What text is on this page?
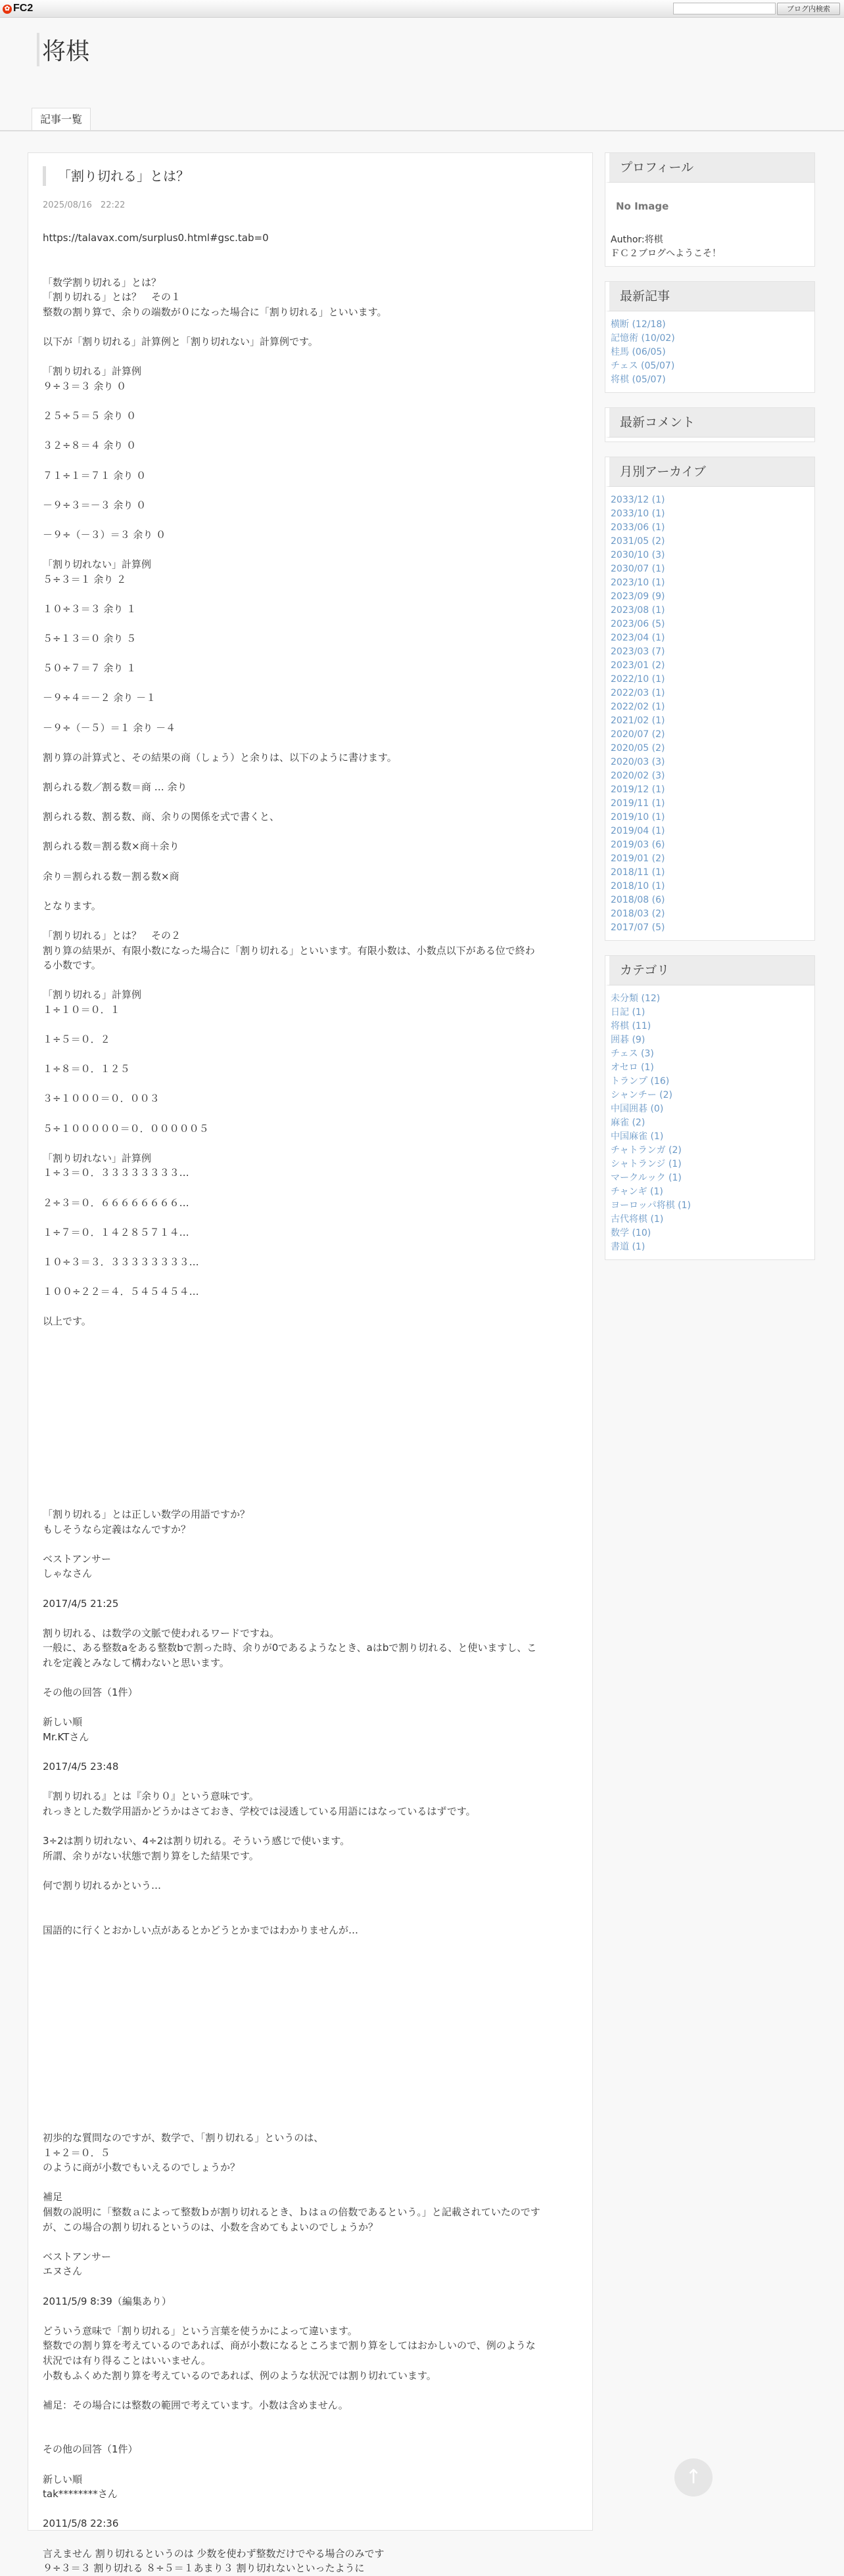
✿ FC2	ブログ内検索
将棋
記事一覧
「割り切れる」とは？
2025/08/16　22:22
https://talavax.com/surplus0.html#gsc.tab=0
「数学割り切れる」とは？
「割り切れる」とは？　その１
整数の割り算で、余りの端数が０になった場合に「割り切れる」といいます。
以下が「割り切れる」計算例と「割り切れない」計算例です。
「割り切れる」計算例
９÷３＝３ 余り ０
２５÷５＝５ 余り ０
３２÷８＝４ 余り ０
７１÷１＝７１ 余り ０
－９÷３＝－３ 余り ０
－９÷（－３）＝３ 余り ０
「割り切れない」計算例
５÷３＝１ 余り ２
１０÷３＝３ 余り １
５÷１３＝０ 余り ５
５０÷７＝７ 余り １
－９÷４＝－２ 余り －１
－９÷（－５）＝１ 余り －４
割り算の計算式と、その結果の商（しょう）と余りは、以下のように書けます。
割られる数／割る数＝商 … 余り
割られる数、割る数、商、余りの関係を式で書くと、
割られる数＝割る数×商＋余り
余り＝割られる数－割る数×商
となります。
「割り切れる」とは？　その２
割り算の結果が、有限小数になった場合に「割り切れる」といいます。有限小数は、小数点以下がある位で終わ
る小数です。
「割り切れる」計算例
１÷１０＝０．１
１÷５＝０．２
１÷８＝０．１２５
３÷１０００＝０．００３
５÷１０００００＝０．０００００５
「割り切れない」計算例
１÷３＝０．３３３３３３３３…
２÷３＝０．６６６６６６６６…
１÷７＝０．１４２８５７１４…
１０÷３＝３．３３３３３３３３…
１００÷２２＝４．５４５４５４…
以上です。
「割り切れる」とは正しい数学の用語ですか？
もしそうなら定義はなんですか？
ベストアンサー
しゃなさん
2017/4/5 21:25
割り切れる、は数学の文脈で使われるワードですね。
一般に、ある整数aをある整数bで割った時、余りが0であるようなとき、aはbで割り切れる、と使いますし、こ
れを定義とみなして構わないと思います。
その他の回答（1件）
新しい順
Mr.KTさん
2017/4/5 23:48
『割り切れる』とは『余り０』という意味です。
れっきとした数学用語かどうかはさておき、学校では浸透している用語にはなっているはずです。
3÷2は割り切れない、4÷2は割り切れる。そういう感じで使います。
所謂、余りがない状態で割り算をした結果です。
何で割り切れるかという…
国語的に行くとおかしい点があるとかどうとかまではわかりませんが…
初歩的な質問なのですが、数学で、「割り切れる」というのは、
１÷２＝０．５
のように商が小数でもいえるのでしょうか？
補足
個数の説明に「整数ａによって整数ｂが割り切れるとき、ｂはａの倍数であるという。」と記載されていたのです
が、この場合の割り切れるというのは、小数を含めてもよいのでしょうか？
ベストアンサー
エヌさん
2011/5/9 8:39（編集あり）
どういう意味で「割り切れる」という言葉を使うかによって違います。
整数での割り算を考えているのであれば、商が小数になるところまで割り算をしてはおかしいので、例のような
状況では有り得ることはいいません。
小数もふくめた割り算を考えているのであれば、例のような状況では割り切れています。
補足：その場合には整数の範囲で考えています。小数は含めません。
その他の回答（1件）
新しい順
tak********さん
2011/5/8 22:36
言えません 割り切れるというのは 少数を使わず整数だけでやる場合のみです
９÷３＝３ 割り切れる ８÷５＝１あまり３ 割り切れないといったように
プロフィール
No Image
Author:将棋
ＦＣ２ブログへようこそ！
最新記事
横断 (12/18)
記憶術 (10/02)
桂馬 (06/05)
チェス (05/07)
将棋 (05/07)
最新コメント
月別アーカイブ
2033/12 (1)
2033/10 (1)
2033/06 (1)
2031/05 (2)
2030/10 (3)
2030/07 (1)
2023/10 (1)
2023/09 (9)
2023/08 (1)
2023/06 (5)
2023/04 (1)
2023/03 (7)
2023/01 (2)
2022/10 (1)
2022/03 (1)
2022/02 (1)
2021/02 (1)
2020/07 (2)
2020/05 (2)
2020/03 (3)
2020/02 (3)
2019/12 (1)
2019/11 (1)
2019/10 (1)
2019/04 (1)
2019/03 (6)
2019/01 (2)
2018/11 (1)
2018/10 (1)
2018/08 (6)
2018/03 (2)
2017/07 (5)
カテゴリ
未分類 (12)
日記 (1)
将棋 (11)
囲碁 (9)
チェス (3)
オセロ (1)
トランプ (16)
シャンチー (2)
中国囲碁 (0)
麻雀 (2)
中国麻雀 (1)
チャトランガ (2)
シャトランジ (1)
マークルック (1)
チャンギ (1)
ヨーロッパ将棋 (1)
古代将棋 (1)
数学 (10)
書道 (1)
↑
